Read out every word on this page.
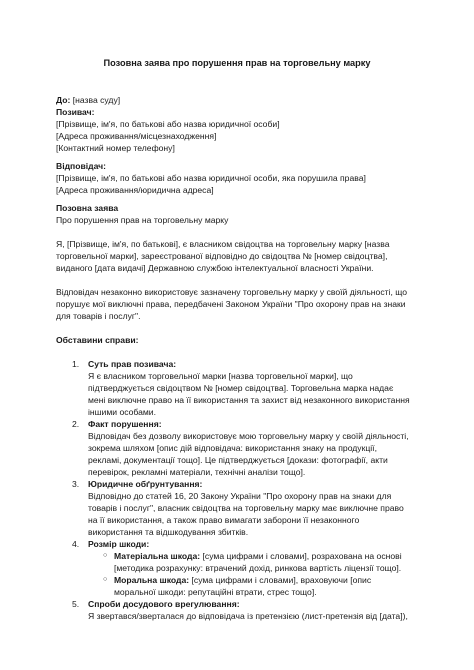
Позовна заява про порушення прав на торговельну марку
До: [назва суду]
Позивач:
[Прізвище, ім'я, по батькові або назва юридичної особи]
[Адреса проживання/місцезнаходження]
[Контактний номер телефону]
Відповідач:
[Прізвище, ім'я, по батькові або назва юридичної особи, яка порушила права]
[Адреса проживання/юридична адреса]
Позовна заява
Про порушення прав на торговельну марку
Я, [Прізвище, ім'я, по батькові], є власником свідоцтва на торговельну марку [назва
торговельної марки], зареєстрованої відповідно до свідоцтва № [номер свідоцтва],
виданого [дата видачі] Державною службою інтелектуальної власності України.
Відповідач незаконно використовує зазначену торговельну марку у своїй діяльності, що
порушує мої виключні права, передбачені Законом України "Про охорону прав на знаки
для товарів і послуг".
Обставини справи:
1. Суть прав позивача:
Я є власником торговельної марки [назва торговельної марки], що
підтверджується свідоцтвом № [номер свідоцтва]. Торговельна марка надає
мені виключне право на її використання та захист від незаконного використання
іншими особами.
2. Факт порушення:
Відповідач без дозволу використовує мою торговельну марку у своїй діяльності,
зокрема шляхом [опис дій відповідача: використання знаку на продукції,
рекламі, документації тощо]. Це підтверджується [докази: фотографії, акти
перевірок, рекламні матеріали, технічні аналізи тощо].
3. Юридичне обґрунтування:
Відповідно до статей 16, 20 Закону України "Про охорону прав на знаки для
товарів і послуг", власник свідоцтва на торговельну марку має виключне право
на її використання, а також право вимагати заборони її незаконного
використання та відшкодування збитків.
4. Розмір шкоди:
○ Матеріальна шкода: [сума цифрами і словами], розрахована на основі
[методика розрахунку: втрачений дохід, ринкова вартість ліцензії тощо].
○ Моральна шкода: [сума цифрами і словами], враховуючи [опис
моральної шкоди: репутаційні втрати, стрес тощо].
5. Спроби досудового врегулювання:
Я звертався/зверталася до відповідача із претензією (лист-претензія від [дата]),
